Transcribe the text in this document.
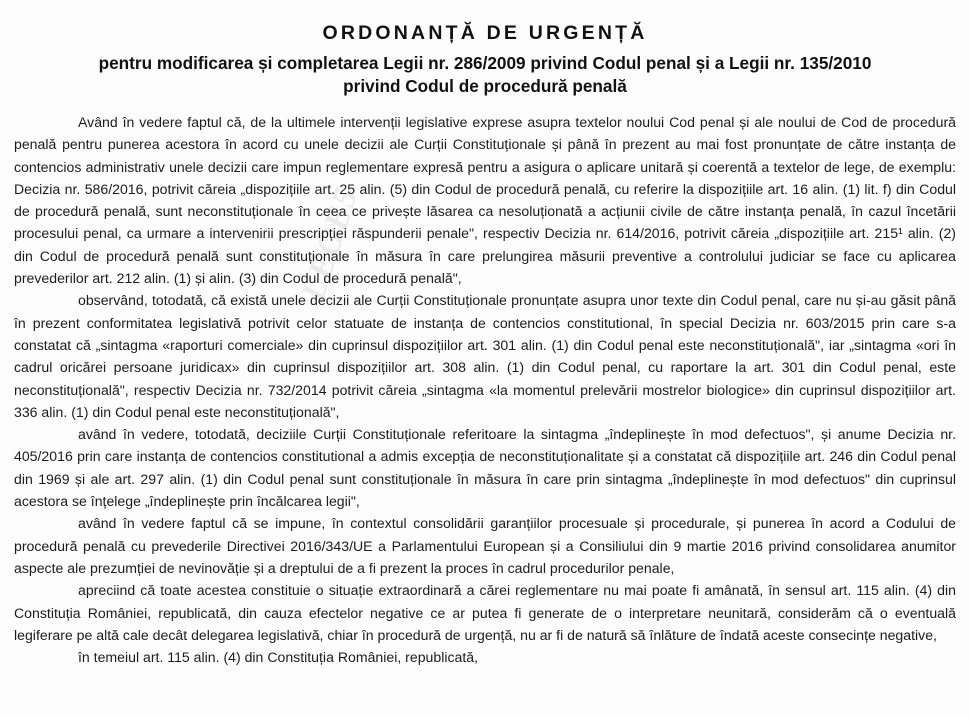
LEGE5
ORDONANȚĂ DE URGENȚĂ
pentru modificarea și completarea Legii nr. 286/2009 privind Codul penal și a Legii nr. 135/2010
privind Codul de procedură penală

Având în vedere faptul că, de la ultimele intervenții legislative exprese asupra textelor noului Cod penal și ale noului de Cod de procedură penală pentru punerea acestora în acord cu unele decizii ale Curții Constituționale și până în prezent au mai fost pronunțate de către instanța de contencios administrativ unele decizii care impun reglementare expresă pentru a asigura o aplicare unitară și coerentă a textelor de lege, de exemplu: Decizia nr. 586/2016, potrivit căreia „dispozițiile art. 25 alin. (5) din Codul de procedură penală, cu referire la dispozițiile art. 16 alin. (1) lit. f) din Codul de procedură penală, sunt neconstituționale în ceea ce privește lăsarea ca nesoluționată a acțiunii civile de către instanța penală, în cazul încetării procesului penal, ca urmare a intervenirii prescripției răspunderii penale", respectiv Decizia nr. 614/2016, potrivit căreia „dispozițiile art. 215¹ alin. (2) din Codul de procedură penală sunt constituționale în măsura în care prelungirea măsurii preventive a controlului judiciar se face cu aplicarea prevederilor art. 212 alin. (1) și alin. (3) din Codul de procedură penală",

observând, totodată, că există unele decizii ale Curții Constituționale pronunțate asupra unor texte din Codul penal, care nu și-au găsit până în prezent conformitatea legislativă potrivit celor statuate de instanța de contencios constitutional, în special Decizia nr. 603/2015 prin care s-a constatat că „sintagma «raporturi comerciale» din cuprinsul dispozițiilor art. 301 alin. (1) din Codul penal este neconstituțională", iar „sintagma «ori în cadrul oricărei persoane juridicax» din cuprinsul dispozițiilor art. 308 alin. (1) din Codul penal, cu raportare la art. 301 din Codul penal, este neconstituțională", respectiv Decizia nr. 732/2014 potrivit căreia „sintagma «la momentul prelevării mostrelor biologice» din cuprinsul dispozițiilor art. 336 alin. (1) din Codul penal este neconstituțională",

având în vedere, totodată, deciziile Curții Constituționale referitoare la sintagma „îndeplinește în mod defectuos", și anume Decizia nr. 405/2016 prin care instanța de contencios constitutional a admis excepția de neconstituționalitate și a constatat că dispozițiile art. 246 din Codul penal din 1969 și ale art. 297 alin. (1) din Codul penal sunt constituționale în măsura în care prin sintagma „îndeplinește în mod defectuos" din cuprinsul acestora se înțelege „îndeplinește prin încălcarea legii",

având în vedere faptul că se impune, în contextul consolidării garanțiilor procesuale și procedurale, și punerea în acord a Codului de procedură penală cu prevederile Directivei 2016/343/UE a Parlamentului European și a Consiliului din 9 martie 2016 privind consolidarea anumitor aspecte ale prezumției de nevinovăție și a dreptului de a fi prezent la proces în cadrul procedurilor penale,

apreciind că toate acestea constituie o situație extraordinară a cărei reglementare nu mai poate fi amânată, în sensul art. 115 alin. (4) din Constituția României, republicată, din cauza efectelor negative ce ar putea fi generate de o interpretare neunitară, considerăm că o eventuală legiferare pe altă cale decât delegarea legislativă, chiar în procedură de urgență, nu ar fi de natură să înlăture de îndată aceste consecințe negative,

în temeiul art. 115 alin. (4) din Constituția României, republicată,
